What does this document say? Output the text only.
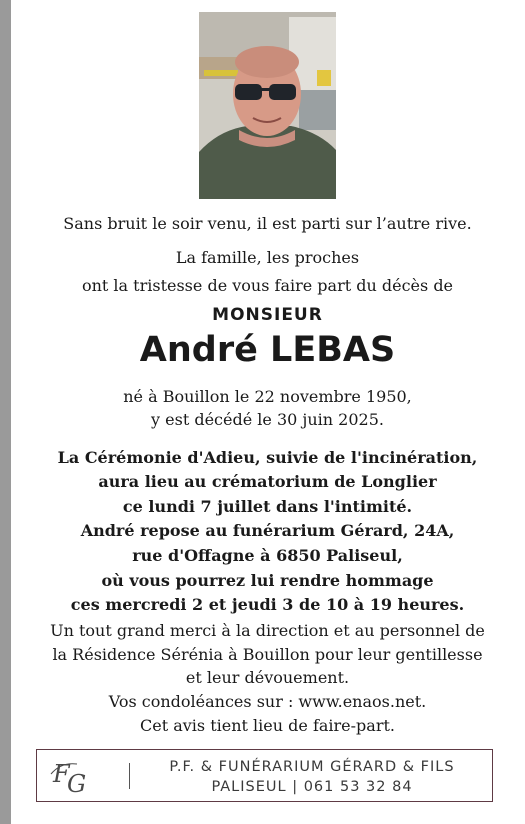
Sans bruit le soir venu, il est parti sur l’autre rive.
La famille, les proches
ont la tristesse de vous faire part du décès de
MONSIEUR
André LEBAS
né à Bouillon le 22 novembre 1950,
y est décédé le 30 juin 2025.
La Cérémonie d'Adieu, suivie de l'incinération,
aura lieu au crématorium de Longlier
ce lundi 7 juillet dans l'intimité.
André repose au funérarium Gérard, 24A,
rue d'Offagne à 6850 Paliseul,
où vous pourrez lui rendre hommage
ces mercredi 2 et jeudi 3 de 10 à 19 heures.
Un tout grand merci à la direction et au personnel de
la Résidence Sérénia à Bouillon pour leur gentillesse
et leur dévouement.
Vos condoléances sur : www.enaos.net.
Cet avis tient lieu de faire-part.
F
G
P.F. & FUNÉRARIUM GÉRARD & FILS
PALISEUL | 061 53 32 84
